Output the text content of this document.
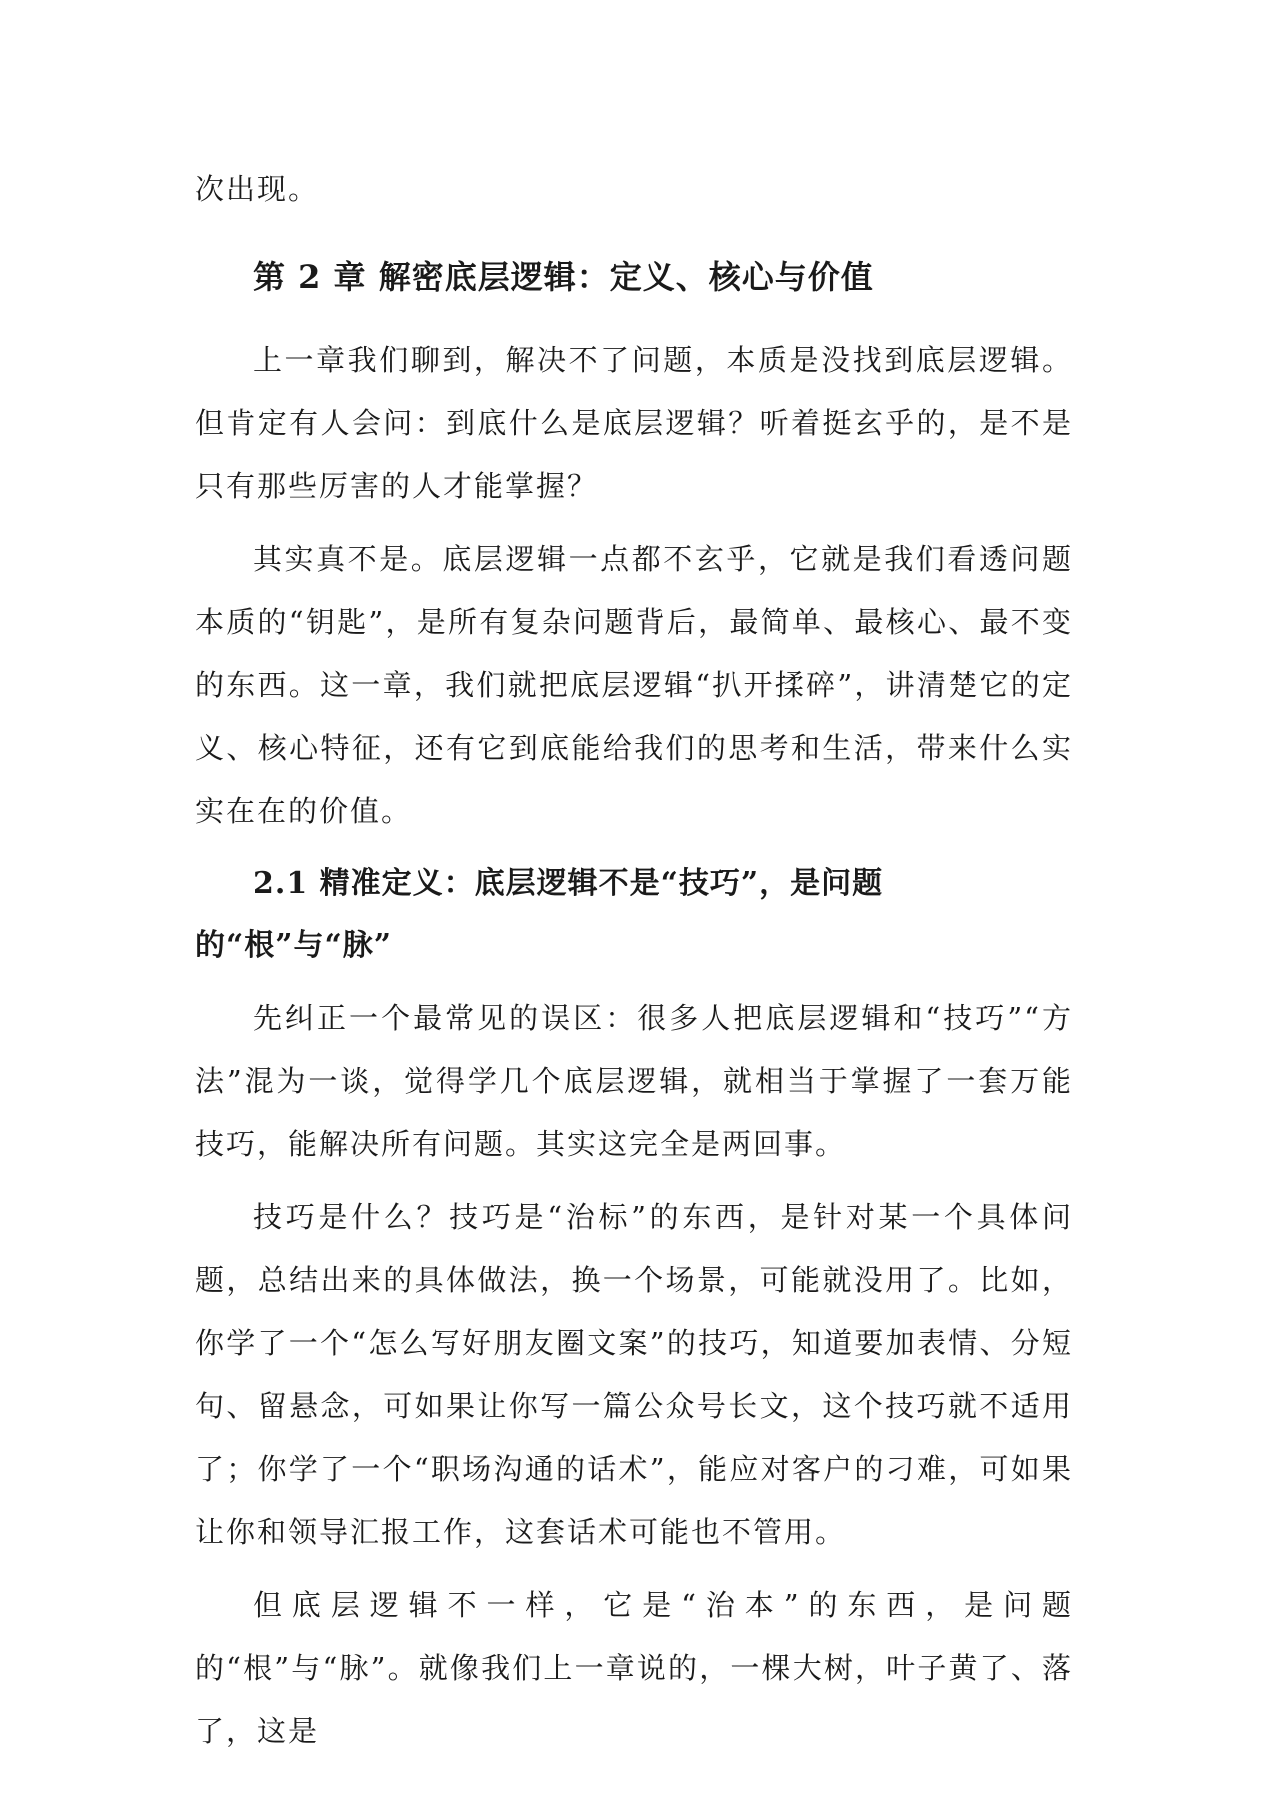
次出现。

第 2 章 解密底层逻辑：定义、核心与价值

上一章我们聊到，解决不了问题，本质是没找到底层逻辑。但肯定有人会问：到底什么是底层逻辑？听着挺玄乎的，是不是只有那些厉害的人才能掌握？

其实真不是。底层逻辑一点都不玄乎，它就是我们看透问题本质的“钥匙”，是所有复杂问题背后，最简单、最核心、最不变的东西。这一章，我们就把底层逻辑“扒开揉碎”，讲清楚它的定义、核心特征，还有它到底能给我们的思考和生活，带来什么实实在在的价值。

2.1 精准定义：底层逻辑不是“技巧”，是问题的“根”与“脉”

先纠正一个最常见的误区：很多人把底层逻辑和“技巧”“方法”混为一谈，觉得学几个底层逻辑，就相当于掌握了一套万能技巧，能解决所有问题。其实这完全是两回事。

技巧是什么？技巧是“治标”的东西，是针对某一个具体问题，总结出来的具体做法，换一个场景，可能就没用了。比如，你学了一个“怎么写好朋友圈文案”的技巧，知道要加表情、分短句、留悬念，可如果让你写一篇公众号长文，这个技巧就不适用了；你学了一个“职场沟通的话术”，能应对客户的刁难，可如果让你和领导汇报工作，这套话术可能也不管用。

但底层逻辑不一样，它是“治本”的东西，是问题的“根”与“脉”。就像我们上一章说的，一棵大树，叶子黄了、落了，这是
